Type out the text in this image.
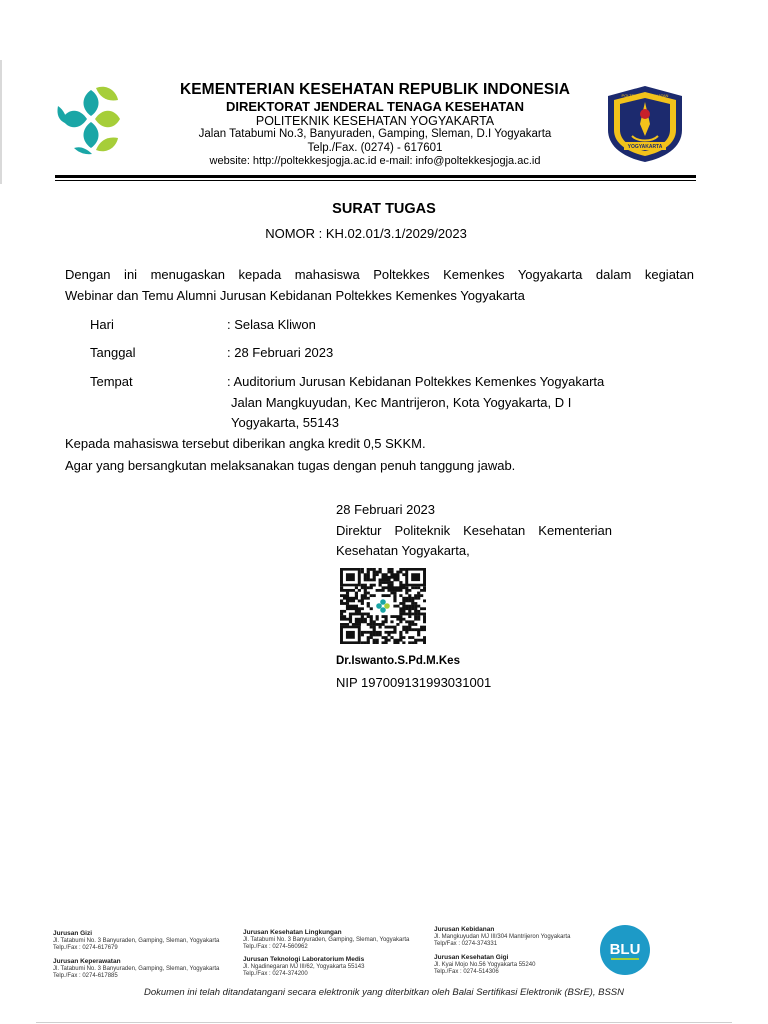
KEMENTERIAN KESEHATAN REPUBLIK INDONESIA
DIREKTORAT JENDERAL TENAGA KESEHATAN
POLITEKNIK KESEHATAN YOGYAKARTA
Jalan Tatabumi No.3, Banyuraden, Gamping, Sleman, D.I Yogyakarta
Telp./Fax. (0274) - 617601
website: http://poltekkesjogja.ac.id e-mail: info@poltekkesjogja.ac.id
YOGYAKARTA
POLTEKNIK KESEHATAN
SURAT TUGAS
NOMOR : KH.02.01/3.1/2029/2023
Dengan ini menugaskan kepada mahasiswa Poltekkes Kemenkes Yogyakarta dalam kegiatan
Webinar dan Temu Alumni Jurusan Kebidanan Poltekkes Kemenkes Yogyakarta
Hari	: Selasa Kliwon
Tanggal	: 28 Februari 2023
Tempat	: Auditorium Jurusan Kebidanan Poltekkes Kemenkes Yogyakarta
Jalan Mangkuyudan, Kec Mantrijeron, Kota Yogyakarta, D I
Yogyakarta, 55143
Kepada mahasiswa tersebut diberikan angka kredit 0,5 SKKM.
Agar yang bersangkutan melaksanakan tugas dengan penuh tanggung jawab.
28 Februari 2023
Direktur Politeknik Kesehatan Kementerian
Kesehatan Yogyakarta,
Dr.Iswanto.S.Pd.M.Kes
NIP 197009131993031001
Jurusan Gizi
Jl. Tatabumi No. 3 Banyuraden, Gamping, Sleman, Yogyakarta
Telp./Fax : 0274-617679
Jurusan Keperawatan
Jl. Tatabumi No. 3 Banyuraden, Gamping, Sleman, Yogyakarta
Telp./Fax : 0274-617885
Jurusan Kesehatan Lingkungan
Jl. Tatabumi No. 3 Banyuraden, Gamping, Sleman, Yogyakarta
Telp./Fax : 0274-560962
Jurusan Teknologi Laboratorium Medis
Jl. Ngadinegaran MJ III/62, Yogyakarta 55143
Telp./Fax : 0274-374200
Jurusan Kebidanan
Jl. Mangkuyudan MJ III/304 Mantrijeron Yogyakarta
Telp/Fax : 0274-374331
Jurusan Kesehatan Gigi
Jl. Kyai Mojo No.56 Yogyakarta 55240
Telp./Fax : 0274-514306
BLU
Dokumen ini telah ditandatangani secara elektronik yang diterbitkan oleh Balai Sertifikasi Elektronik (BSrE), BSSN
